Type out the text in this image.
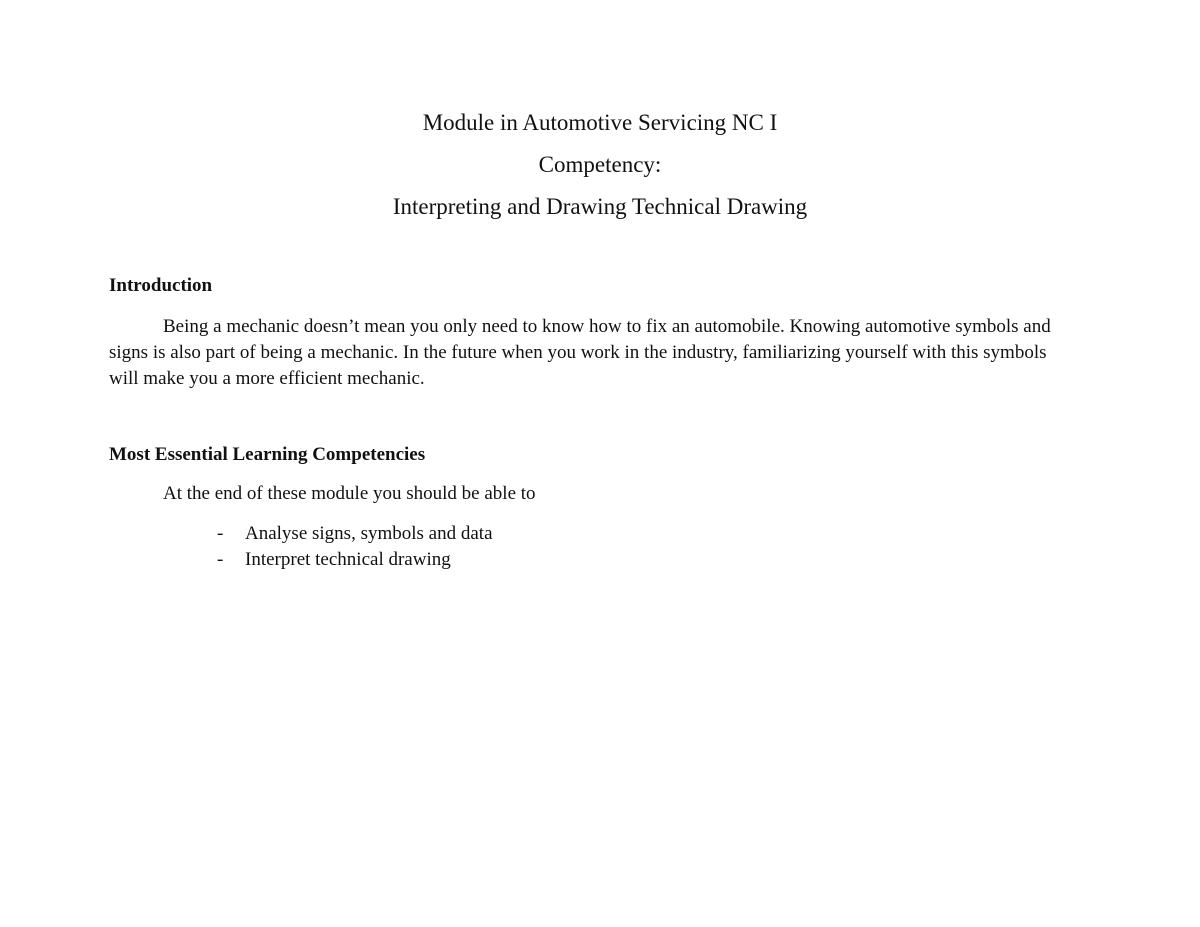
Module in Automotive Servicing NC I
Competency:
Interpreting and Drawing Technical Drawing

Introduction

Being a mechanic doesn’t mean you only need to know how to fix an automobile. Knowing automotive symbols and signs is also part of being a mechanic. In the future when you work in the industry, familiarizing yourself with this symbols will make you a more efficient mechanic.

Most Essential Learning Competencies

At the end of these module you should be able to

-	Analyse signs, symbols and data
-	Interpret technical drawing
